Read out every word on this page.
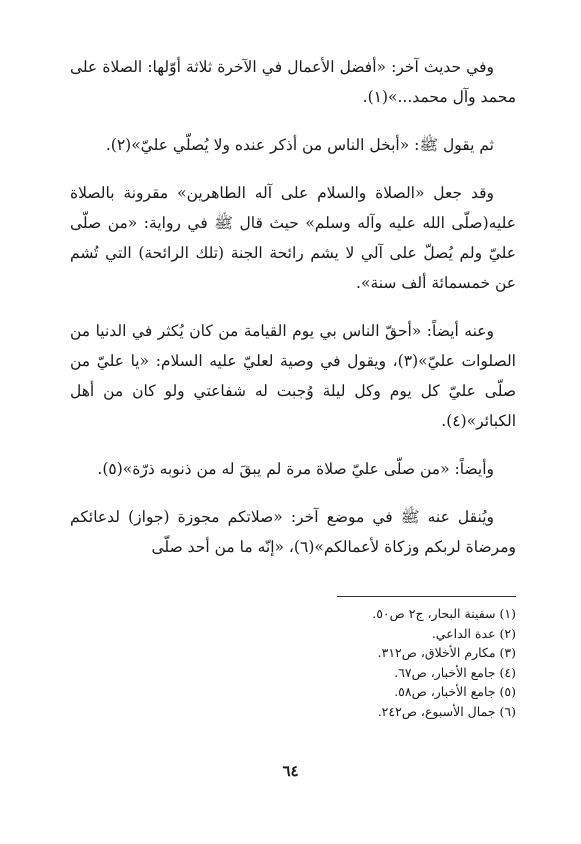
وفي حديث آخر: «أفضل الأعمال في الآخرة ثلاثة أوّلها: الصلاة على محمد وآل محمد...»(١).

ثم يقول ﷺ: «أبخل الناس من أذكر عنده ولا يُصلّي عليّ»(٢).

وقد جعل «الصلاة والسلام على آله الطاهرين» مقرونة بالصلاة عليه(صلّى الله عليه وآله وسلم» حيث قال ﷺ في رواية: «من صلّى عليّ ولم يُصلّ على آلي لا يشم رائحة الجنة (تلك الرائحة) التي تُشم عن خمسمائة ألف سنة».

وعنه أيضاً: «أحقّ الناس بي يوم القيامة من كان يُكثر في الدنيا من الصلوات عليّ»(٣)، ويقول في وصية لعليّ عليه السلام: «يا عليّ من صلّى عليّ كل يوم وكل ليلة وُجبت له شفاعتي ولو كان من أهل الكبائر»(٤).

وأيضاً: «من صلّى عليّ صلاة مرة لم يبقَ له من ذنوبه ذرّة»(٥).

ويُنقل عنه ﷺ في موضع آخر: «صلاتكم مجوزة (جواز) لدعائكم ومرضاة لربكم وزكاة لأعمالكم»(٦)، «إنّه ما من أحد صلّى

(١) سفينة البحار، ج٢ ص٥٠.
(٢) عدة الداعي.
(٣) مكارم الأخلاق، ص٣١٢.
(٤) جامع الأخبار، ص٦٧.
(٥) جامع الأخبار، ص٥٨.
(٦) جمال الأسبوع، ص٢٤٢.
٦٤
